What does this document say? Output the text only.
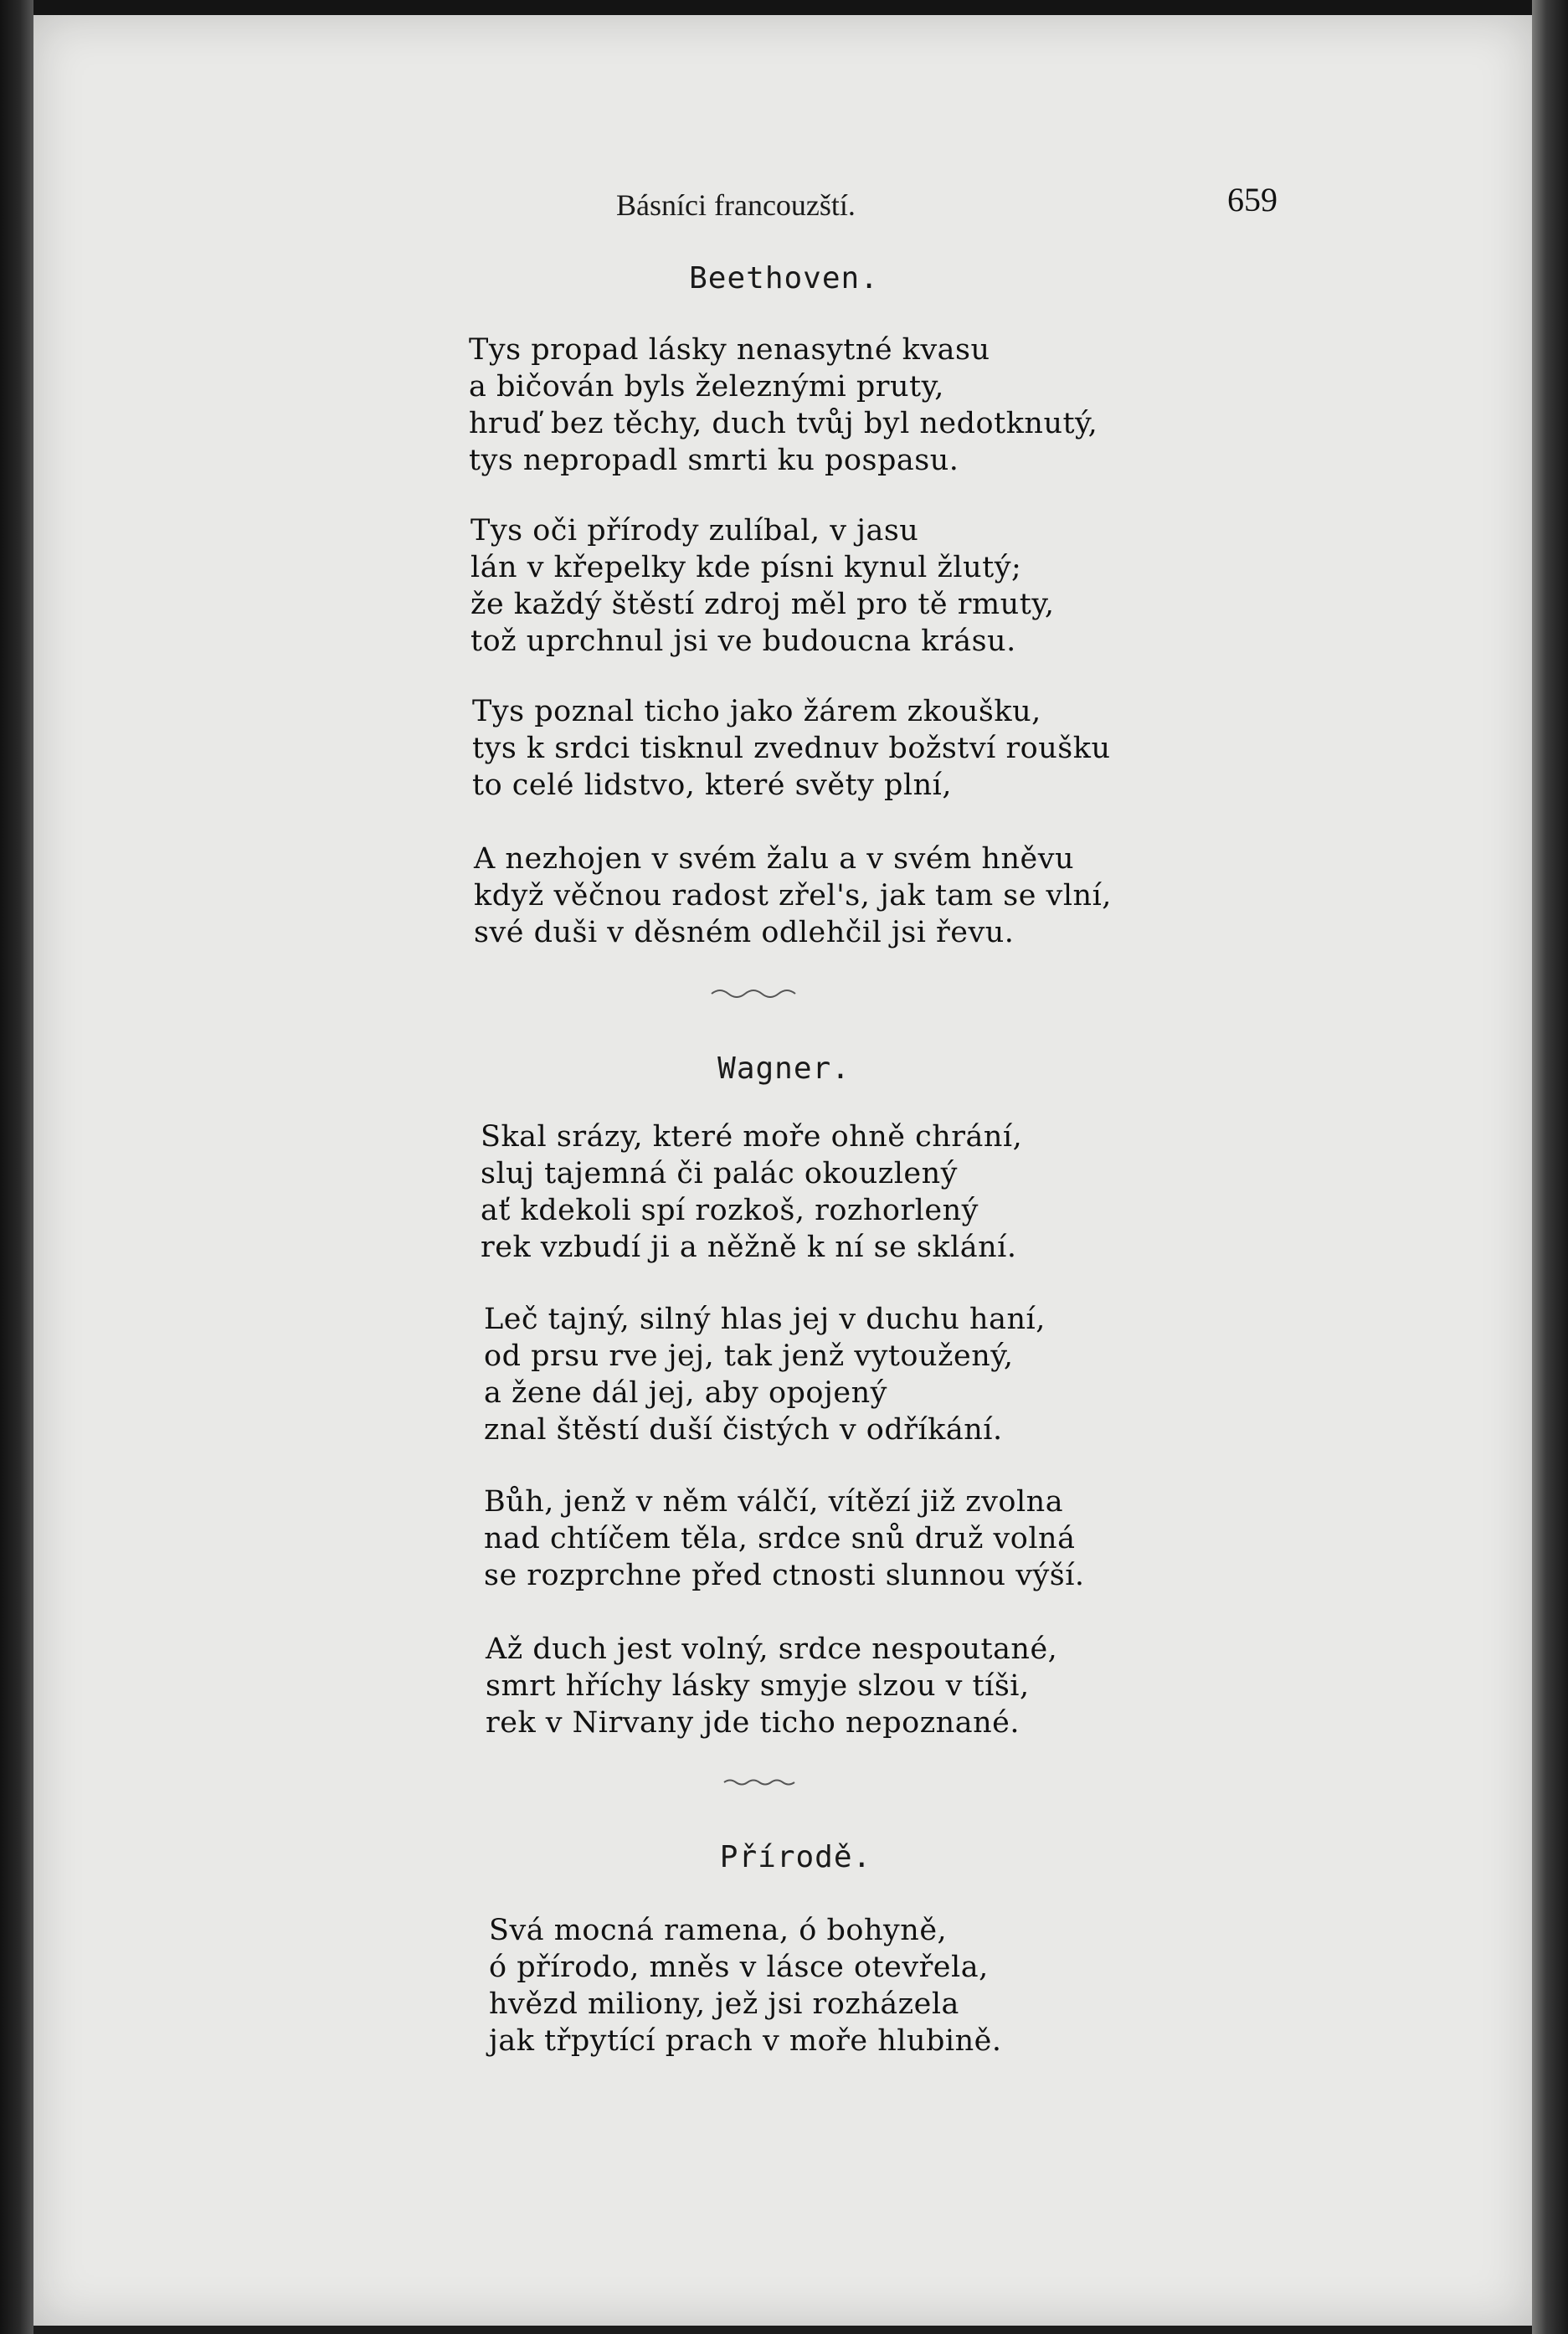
Básníci francouzští.	659
Beethoven.
Tys propad lásky nenasytné kvasu
a bičován byls železnými pruty,
hruď bez těchy, duch tvůj byl nedotknutý,
tys nepropadl smrti ku pospasu.
Tys oči přírody zulíbal, v jasu
lán v křepelky kde písni kynul žlutý;
že každý štěstí zdroj měl pro tě rmuty,
tož uprchnul jsi ve budoucna krásu.
Tys poznal ticho jako žárem zkoušku,
tys k srdci tisknul zvednuv božství roušku
to celé lidstvo, které světy plní,
A nezhojen v svém žalu a v svém hněvu
když věčnou radost zřel's, jak tam se vlní,
své duši v děsném odlehčil jsi řevu.
Wagner.
Skal srázy, které moře ohně chrání,
sluj tajemná či palác okouzlený
ať kdekoli spí rozkoš, rozhorlený
rek vzbudí ji a něžně k ní se sklání.
Leč tajný, silný hlas jej v duchu haní,
od prsu rve jej, tak jenž vytoužený,
a žene dál jej, aby opojený
znal štěstí duší čistých v odříkání.
Bůh, jenž v něm válčí, vítězí již zvolna
nad chtíčem těla, srdce snů druž volná
se rozprchne před ctnosti slunnou výší.
Až duch jest volný, srdce nespoutané,
smrt hříchy lásky smyje slzou v tíši,
rek v Nirvany jde ticho nepoznané.
Přírodě.
Svá mocná ramena, ó bohyně,
ó přírodo, mněs v lásce otevřela,
hvězd miliony, jež jsi rozházela
jak třpytící prach v moře hlubině.
